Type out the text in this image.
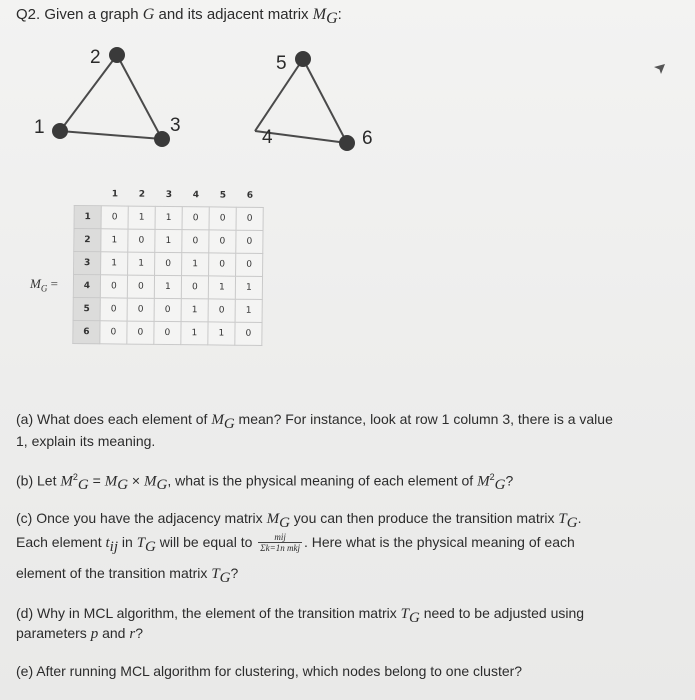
Q2. Given a graph G and its adjacent matrix $M_G$:
1
2
3
4
5
6
$M_G$ =
	1	2	3	4	5	6
1	0	1	1	0	0	0
2	1	0	1	0	0	0
3	1	1	0	1	0	0
4	0	0	1	0	1	1
5	0	0	0	1	0	1
6	0	0	0	1	1	0
(a) What does each element of $M_G$ mean? For instance, look at row 1 column 3, there is a value
1, explain its meaning.
(b) Let $M^2_G = M_G \times M_G$, what is the physical meaning of each element of $M^2_G$?
(c) Once you have the adjacency matrix $M_G$ you can then produce the transition matrix $T_G$.
Each element $t_{ij}$ in $T_G$ will be equal to $\frac{\text{mij}}{\text{Σk=1n mkj}}$ . Here what is the physical meaning of each
element of the transition matrix $T_G$?
(d) Why in MCL algorithm, the element of the transition matrix $T_G$ need to be adjusted using
parameters p and r?
(e) After running MCL algorithm for clustering, which nodes belong to one cluster?
